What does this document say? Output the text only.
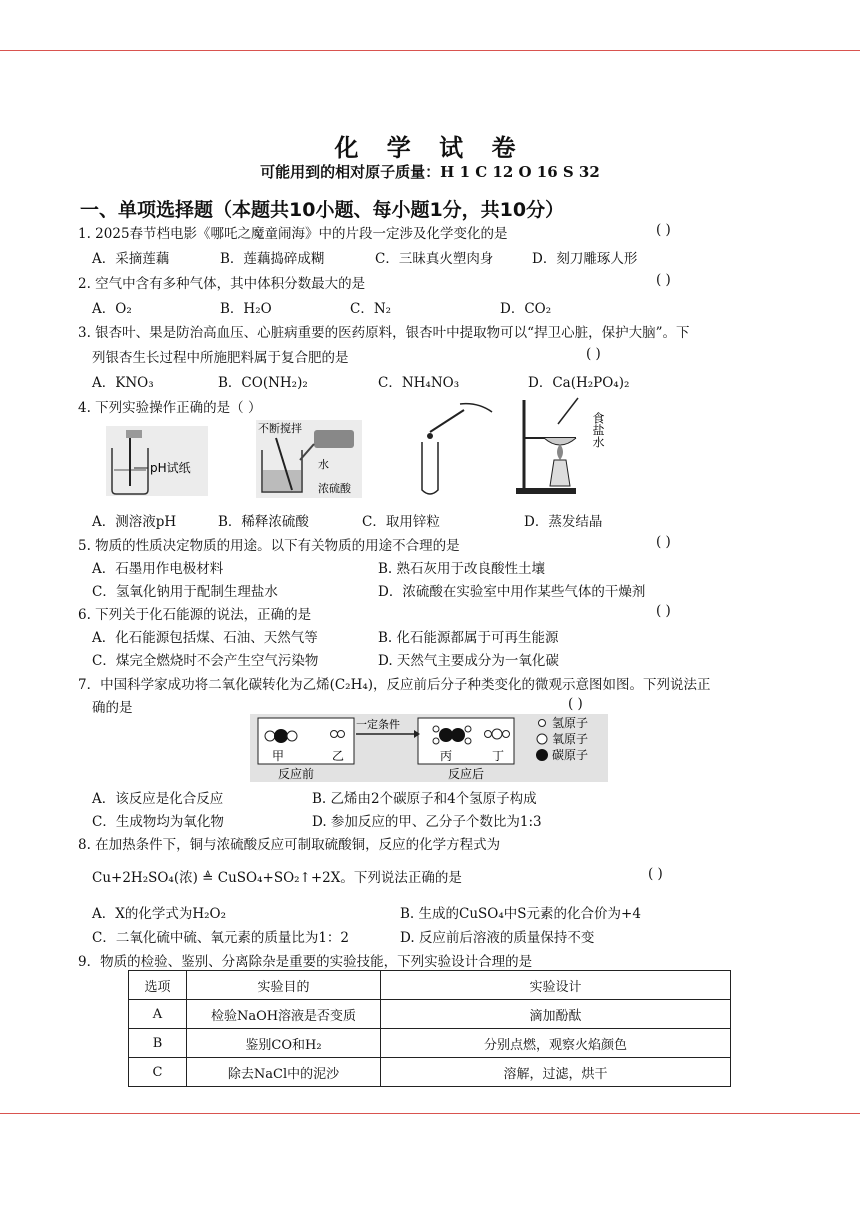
化 学 试 卷
可能用到的相对原子质量：H 1 C 12 O 16 S 32
一、单项选择题（本题共10小题、每小题1分，共10分）
1. 2025春节档电影《哪吒之魔童闹海》中的片段一定涉及化学变化的是	( )
A．采摘莲藕	B．莲藕捣碎成糊	C．三昧真火塑肉身	D．刻刀雕琢人形
2. 空气中含有多种气体，其中体积分数最大的是	( )
A．O₂	B．H₂O	C．N₂	D．CO₂
3. 银杏叶、果是防治高血压、心脏病重要的医药原料，银杏叶中提取物可以“捍卫心脏，保护大脑”。下
列银杏生长过程中所施肥料属于复合肥的是	( )
A．KNO₃	B．CO(NH₂)₂	C．NH₄NO₃	D．Ca(H₂PO₄)₂
4. 下列实验操作正确的是（ ）
pH试纸
不断搅拌
水
浓硫酸
食盐水
A．测溶液pH	B．稀释浓硫酸	C．取用锌粒	D．蒸发结晶
5. 物质的性质决定物质的用途。以下有关物质的用途不合理的是	( )
A．石墨用作电极材料	B. 熟石灰用于改良酸性土壤
C．氢氧化钠用于配制生理盐水	D．浓硫酸在实验室中用作某些气体的干燥剂
6. 下列关于化石能源的说法，正确的是	( )
A．化石能源包括煤、石油、天然气等	B. 化石能源都属于可再生能源
C．煤完全燃烧时不会产生空气污染物	D. 天然气主要成分为一氧化碳
7．中国科学家成功将二氧化碳转化为乙烯(C₂H₄)，反应前后分子种类变化的微观示意图如图。下列说法正
确的是	( )
甲	乙
一定条件
丙	丁
反应前	反应后
氢原子
氧原子
碳原子
A．该反应是化合反应	B. 乙烯由2个碳原子和4个氢原子构成
C．生成物均为氧化物	D. 参加反应的甲、乙分子个数比为1:3
8. 在加热条件下，铜与浓硫酸反应可制取硫酸铜，反应的化学方程式为
Cu+2H₂SO₄(浓) ≜ CuSO₄+SO₂↑+2X。下列说法正确的是	( )
A．X的化学式为H₂O₂	B. 生成的CuSO₄中S元素的化合价为+4
C．二氧化硫中硫、氧元素的质量比为1：2	D. 反应前后溶液的质量保持不变
9．物质的检验、鉴别、分离除杂是重要的实验技能，下列实验设计合理的是
选项	实验目的	实验设计
A	检验NaOH溶液是否变质	滴加酚酞
B	鉴别CO和H₂	分别点燃，观察火焰颜色
C	除去NaCl中的泥沙	溶解，过滤，烘干
